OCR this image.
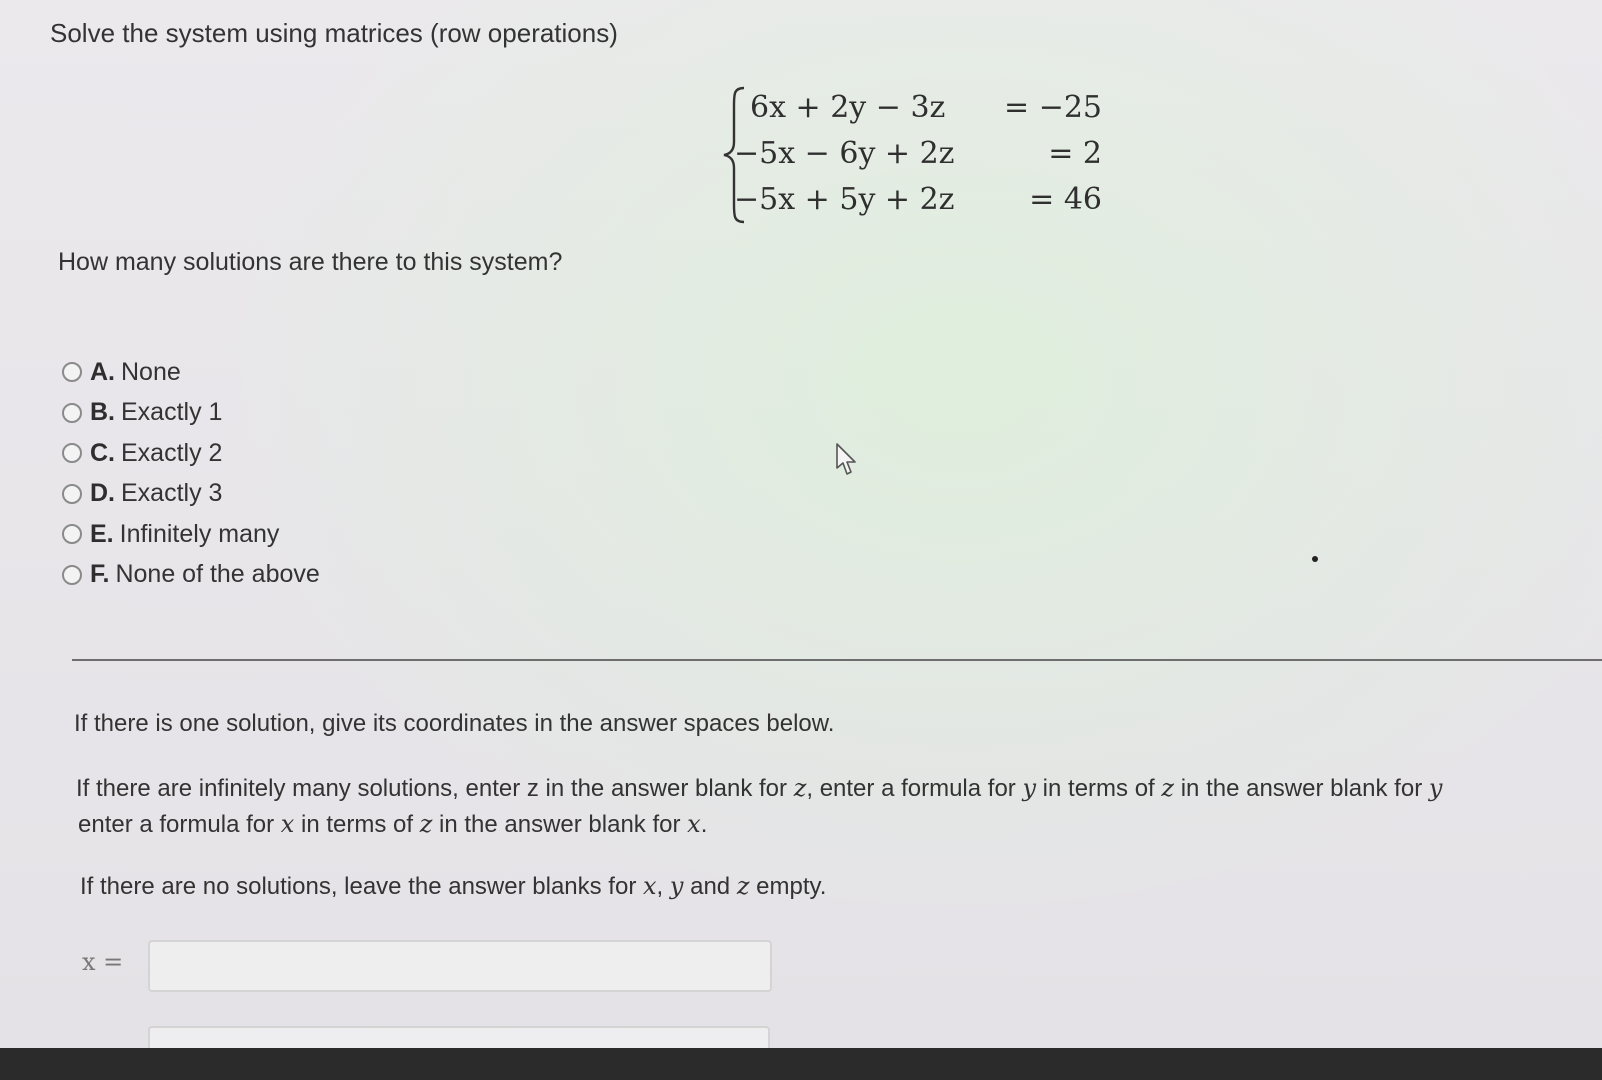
Solve the system using matrices (row operations)
6x + 2y − 3z	= −25
−5x − 6y + 2z	= 2
−5x + 5y + 2z	= 46
How many solutions are there to this system?
A. None
B. Exactly 1
C. Exactly 2
D. Exactly 3
E. Infinitely many
F. None of the above
If there is one solution, give its coordinates in the answer spaces below.
If there are infinitely many solutions, enter z in the answer blank for z, enter a formula for y in terms of z in the answer blank for y
enter a formula for x in terms of z in the answer blank for x.
If there are no solutions, leave the answer blanks for x, y and z empty.
x =
